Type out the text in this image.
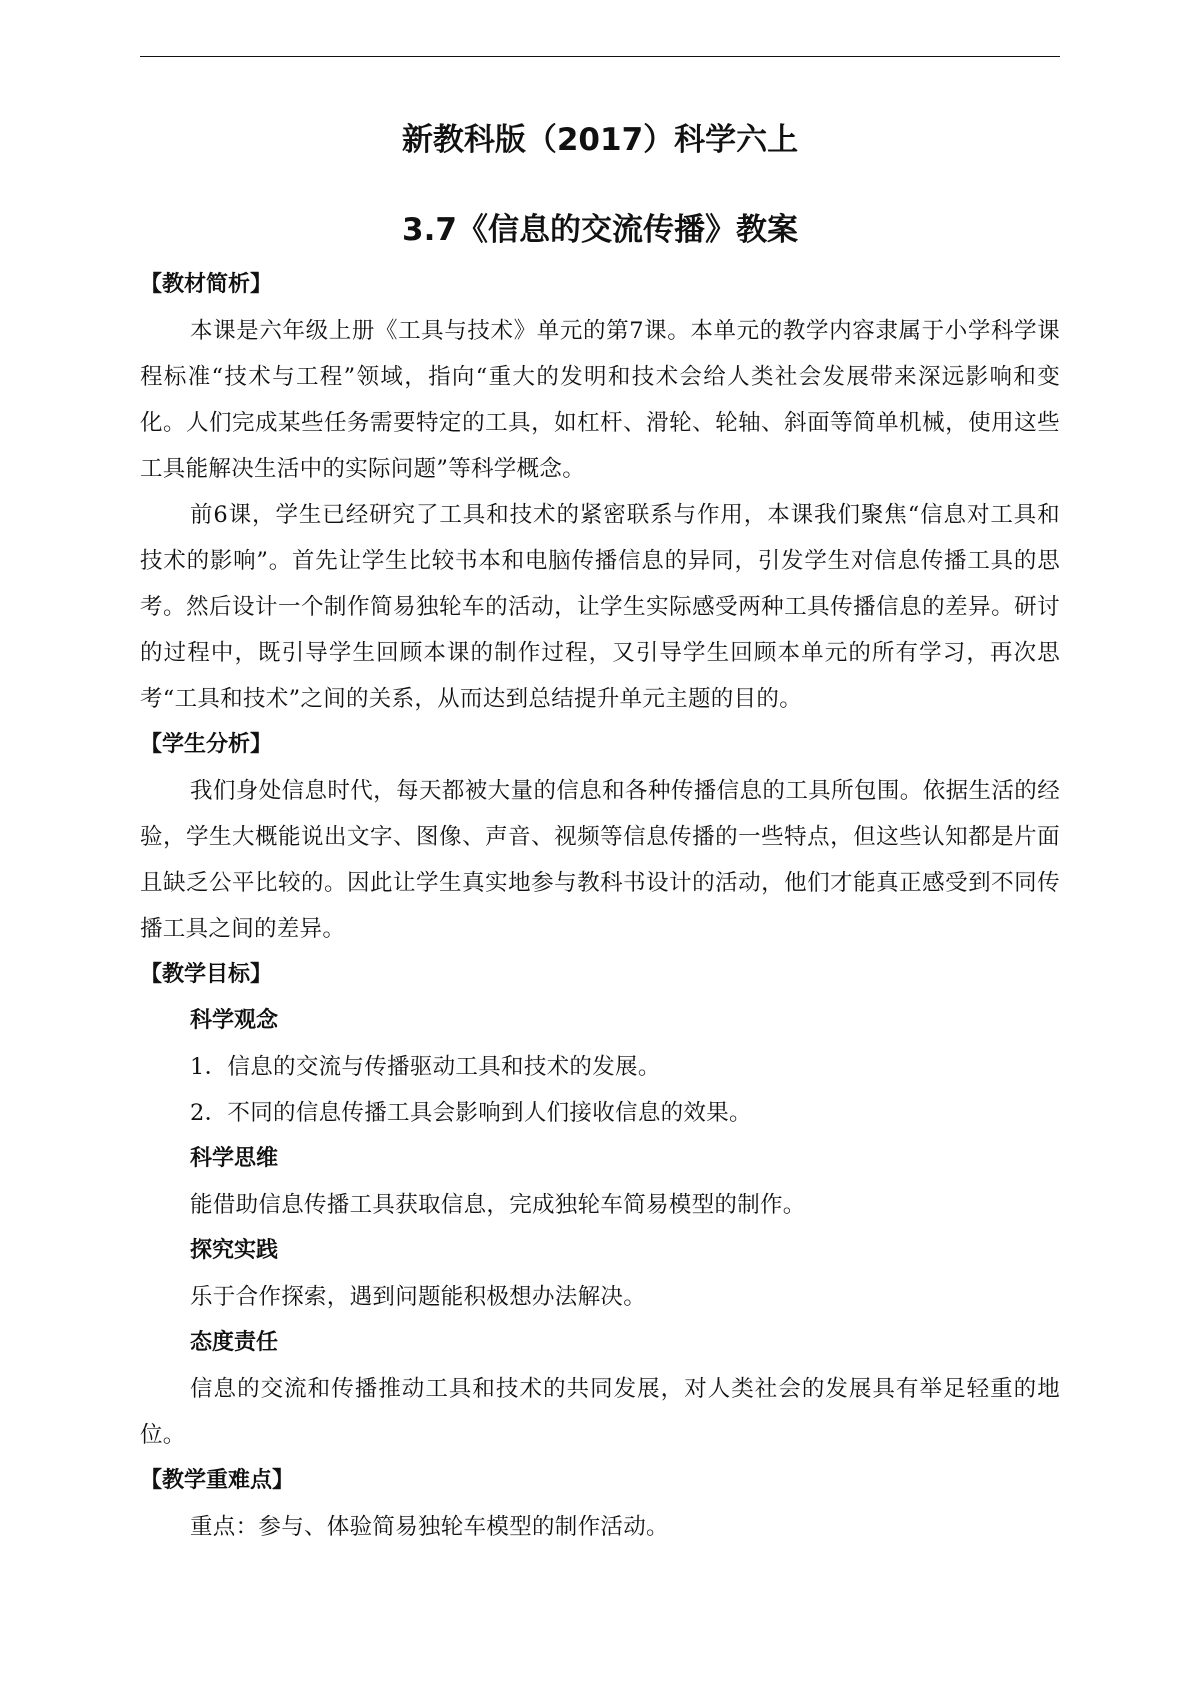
新教科版（2017）科学六上
3.7《信息的交流传播》教案
【教材简析】

本课是六年级上册《工具与技术》单元的第7课。本单元的教学内容隶属于小学科学课程标准“技术与工程”领域，指向“重大的发明和技术会给人类社会发展带来深远影响和变化。人们完成某些任务需要特定的工具，如杠杆、滑轮、轮轴、斜面等简单机械，使用这些工具能解决生活中的实际问题”等科学概念。

前6课，学生已经研究了工具和技术的紧密联系与作用，本课我们聚焦“信息对工具和技术的影响”。首先让学生比较书本和电脑传播信息的异同，引发学生对信息传播工具的思考。然后设计一个制作简易独轮车的活动，让学生实际感受两种工具传播信息的差异。研讨的过程中，既引导学生回顾本课的制作过程，又引导学生回顾本单元的所有学习，再次思考“工具和技术”之间的关系，从而达到总结提升单元主题的目的。

【学生分析】

我们身处信息时代，每天都被大量的信息和各种传播信息的工具所包围。依据生活的经验，学生大概能说出文字、图像、声音、视频等信息传播的一些特点，但这些认知都是片面且缺乏公平比较的。因此让学生真实地参与教科书设计的活动，他们才能真正感受到不同传播工具之间的差异。

【教学目标】
科学观念
1．信息的交流与传播驱动工具和技术的发展。
2．不同的信息传播工具会影响到人们接收信息的效果。
科学思维
能借助信息传播工具获取信息，完成独轮车简易模型的制作。
探究实践
乐于合作探索，遇到问题能积极想办法解决。
态度责任

信息的交流和传播推动工具和技术的共同发展，对人类社会的发展具有举足轻重的地位。

【教学重难点】
重点：参与、体验简易独轮车模型的制作活动。
